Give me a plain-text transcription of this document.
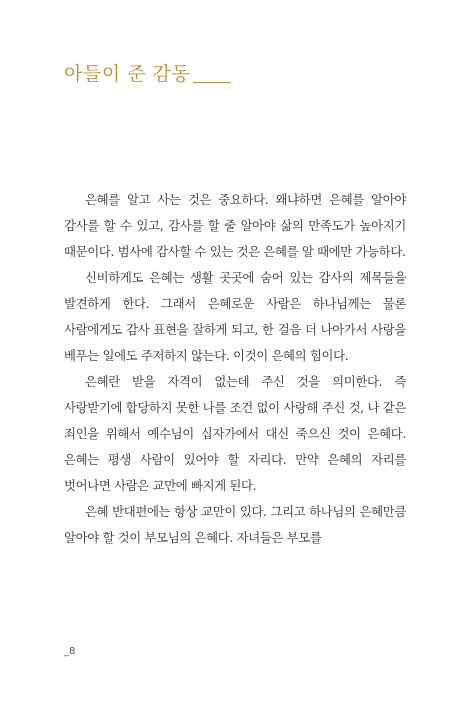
아들이 준 감동

은혜를 알고 사는 것은 중요하다. 왜냐하면 은혜를 알아야 감사를 할 수 있고, 감사를 할 줄 알아야 삶의 만족도가 높아지기 때문이다. 범사에 감사할 수 있는 것은 은혜를 알 때에만 가능하다.

신비하게도 은혜는 생활 곳곳에 숨어 있는 감사의 제목들을 발견하게 한다. 그래서 은혜로운 사람은 하나님께는 물론 사람에게도 감사 표현을 잘하게 되고, 한 걸음 더 나아가서 사랑을 베푸는 일에도 주저하지 않는다. 이것이 은혜의 힘이다.

은혜란 받을 자격이 없는데 주신 것을 의미한다. 즉 사랑받기에 합당하지 못한 나를 조건 없이 사랑해 주신 것, 나 같은 죄인을 위해서 예수님이 십자가에서 대신 죽으신 것이 은혜다. 은혜는 평생 사람이 있어야 할 자리다. 만약 은혜의 자리를 벗어나면 사람은 교만에 빠지게 된다.

은혜 반대편에는 항상 교만이 있다. 그리고 하나님의 은혜만큼 알아야 할 것이 부모님의 은혜다. 자녀들은 부모를

_8
